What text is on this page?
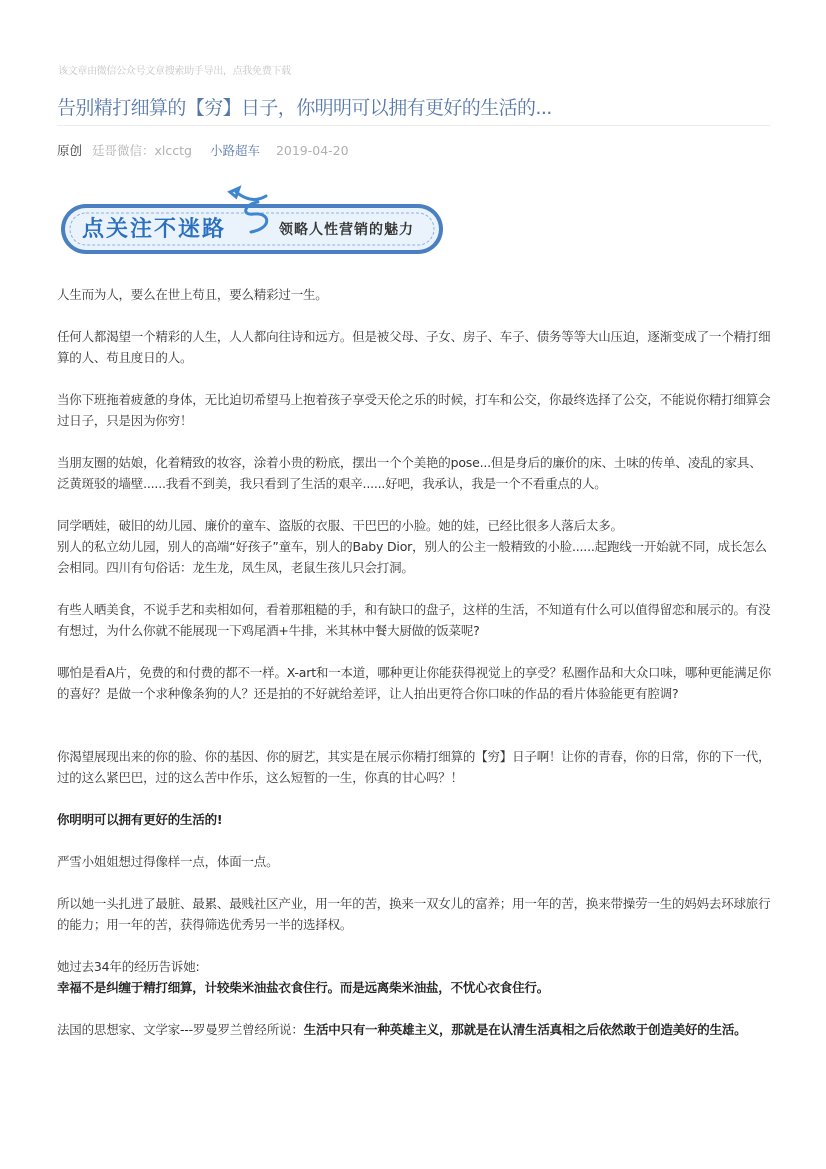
该文章由微信公众号文章搜索助手导出，点我免费下载
告别精打细算的【穷】日子，你明明可以拥有更好的生活的...
原创 廷哥微信：xlcctg 小路超车 2019-04-20
点关注不迷路	领略人性营销的魅力

人生而为人，要么在世上苟且，要么精彩过一生。

任何人都渴望一个精彩的人生，人人都向往诗和远方。但是被父母、子女、房子、车子、债务等等大山压迫，逐渐变成了一个精打细算的人、苟且度日的人。

当你下班拖着疲惫的身体，无比迫切希望马上抱着孩子享受天伦之乐的时候，打车和公交，你最终选择了公交，不能说你精打细算会过日子，只是因为你穷！

当朋友圈的姑娘，化着精致的妆容，涂着小贵的粉底，摆出一个个美艳的pose...但是身后的廉价的床、土味的传单、凌乱的家具、泛黄斑驳的墙壁......我看不到美，我只看到了生活的艰辛......好吧，我承认，我是一个不看重点的人。

同学晒娃，破旧的幼儿园、廉价的童车、盗版的衣服、干巴巴的小脸。她的娃，已经比很多人落后太多。

别人的私立幼儿园，别人的高端“好孩子”童车，别人的Baby Dior，别人的公主一般精致的小脸......起跑线一开始就不同，成长怎么会相同。四川有句俗话：龙生龙，凤生凤，老鼠生孩儿只会打洞。

有些人晒美食，不说手艺和卖相如何，看着那粗糙的手，和有缺口的盘子，这样的生活，不知道有什么可以值得留恋和展示的。有没有想过，为什么你就不能展现一下鸡尾酒+牛排，米其林中餐大厨做的饭菜呢?

哪怕是看A片，免费的和付费的都不一样。X-art和一本道，哪种更让你能获得视觉上的享受？私圈作品和大众口味，哪种更能满足你的喜好？是做一个求种像条狗的人？还是拍的不好就给差评，让人拍出更符合你口味的作品的看片体验能更有腔调?

你渴望展现出来的你的脸、你的基因、你的厨艺，其实是在展示你精打细算的【穷】日子啊！让你的青春，你的日常，你的下一代，过的这么紧巴巴，过的这么苦中作乐，这么短暂的一生，你真的甘心吗？！

你明明可以拥有更好的生活的!

严雪小姐姐想过得像样一点，体面一点。

所以她一头扎进了最脏、最累、最贱社区产业，用一年的苦，换来一双女儿的富养；用一年的苦，换来带操劳一生的妈妈去环球旅行的能力；用一年的苦，获得筛选优秀另一半的选择权。

她过去34年的经历告诉她:

幸福不是纠缠于精打细算，计较柴米油盐衣食住行。而是远离柴米油盐，不忧心衣食住行。

法国的思想家、文学家---罗曼罗兰曾经所说：生活中只有一种英雄主义，那就是在认清生活真相之后依然敢于创造美好的生活。
